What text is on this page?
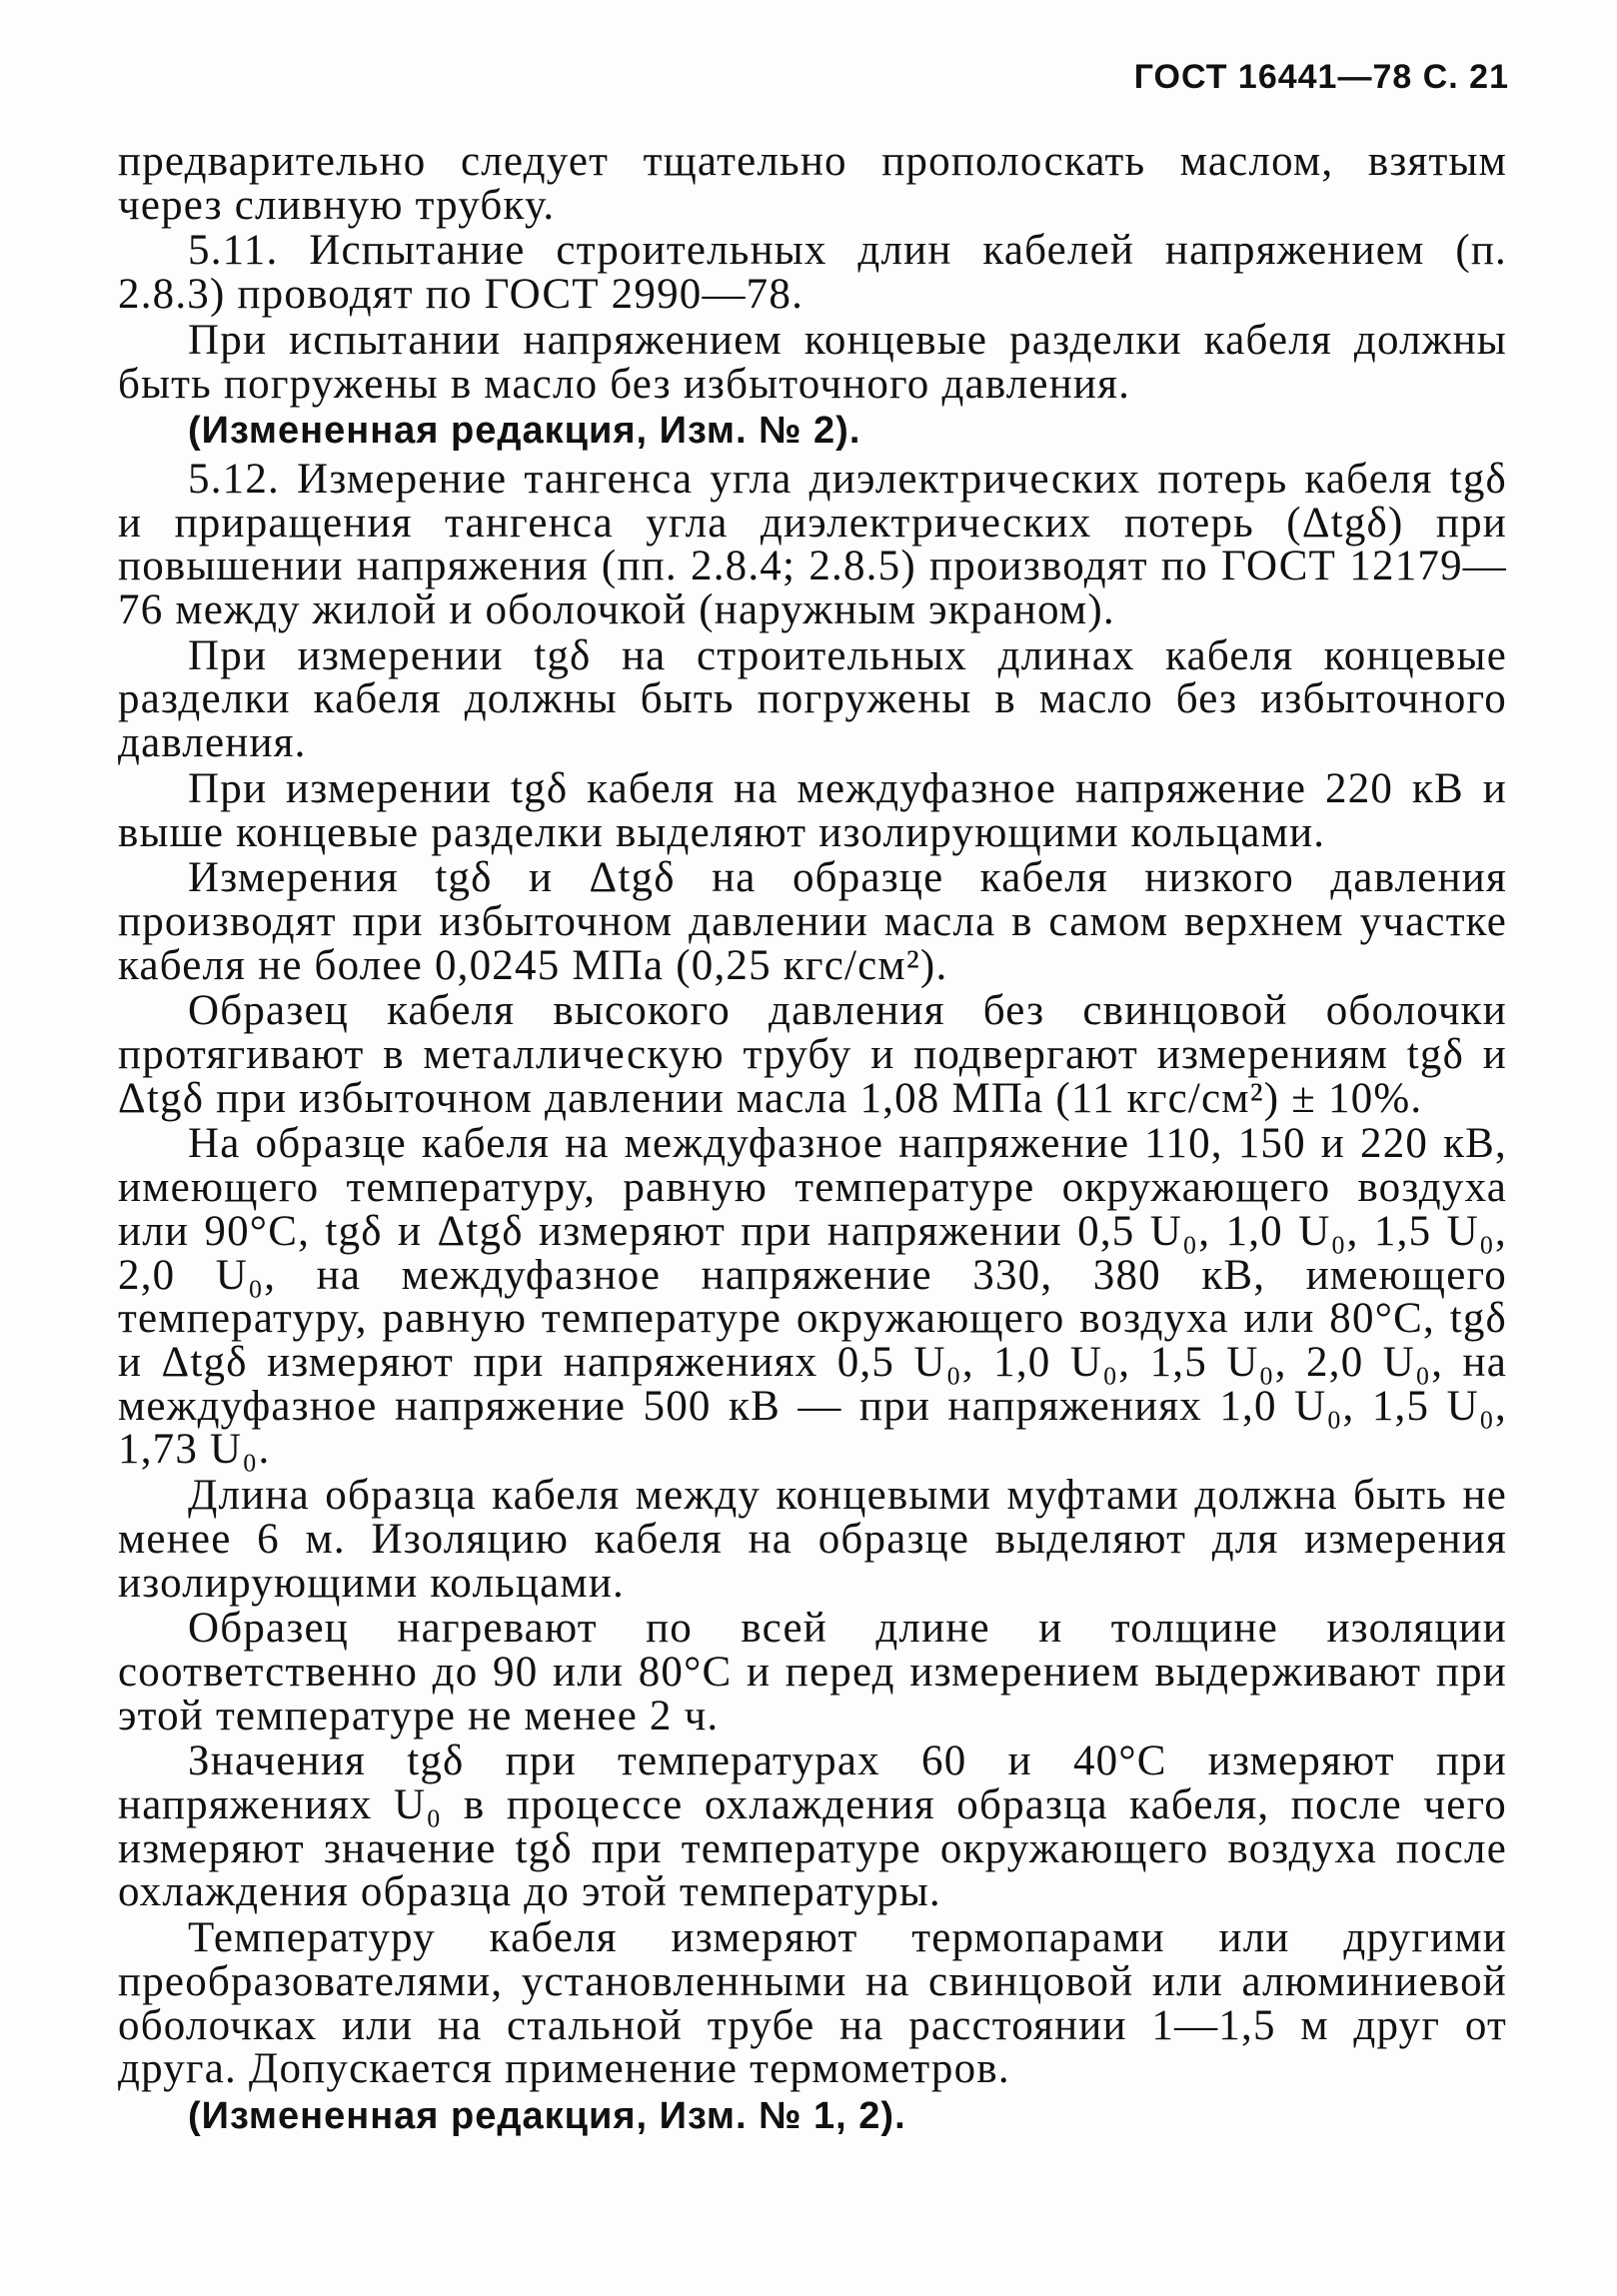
ГОСТ 16441—78 С. 21

предварительно следует тщательно прополоскать маслом, взятым через сливную трубку.

5.11. Испытание строительных длин кабелей напряжением (п. 2.8.3) проводят по ГОСТ 2990—78.

При испытании напряжением концевые разделки кабеля должны быть погружены в масло без избыточного давления.

(Измененная редакция, Изм. № 2).

5.12. Измерение тангенса угла диэлектрических потерь кабеля tgδ и приращения тангенса угла диэлектрических потерь (Δtgδ) при повышении напряжения (пп. 2.8.4; 2.8.5) производят по ГОСТ 12179—76 между жилой и оболочкой (наружным экраном).

При измерении tgδ на строительных длинах кабеля концевые разделки кабеля должны быть погружены в масло без избыточного давления.

При измерении tgδ кабеля на междуфазное напряжение 220 кВ и выше концевые разделки выделяют изолирующими кольцами.

Измерения tgδ и Δtgδ на образце кабеля низкого давления производят при избыточном давлении масла в самом верхнем участке кабеля не более 0,0245 МПа (0,25 кгс/см²).

Образец кабеля высокого давления без свинцовой оболочки протягивают в металлическую трубу и подвергают измерениям tgδ и Δtgδ при избыточном давлении масла 1,08 МПа (11 кгс/см²) ± 10%.

На образце кабеля на междуфазное напряжение 110, 150 и 220 кВ, имеющего температуру, равную температуре окружающего воздуха или 90°С, tgδ и Δtgδ измеряют при напряжении 0,5 U₀, 1,0 U₀, 1,5 U₀, 2,0 U₀, на междуфазное напряжение 330, 380 кВ, имеющего температуру, равную температуре окружающего воздуха или 80°С, tgδ и Δtgδ измеряют при напряжениях 0,5 U₀, 1,0 U₀, 1,5 U₀, 2,0 U₀, на междуфазное напряжение 500 кВ — при напряжениях 1,0 U₀, 1,5 U₀, 1,73 U₀.

Длина образца кабеля между концевыми муфтами должна быть не менее 6 м. Изоляцию кабеля на образце выделяют для измерения изолирующими кольцами.

Образец нагревают по всей длине и толщине изоляции соответственно до 90 или 80°С и перед измерением выдерживают при этой температуре не менее 2 ч.

Значения tgδ при температурах 60 и 40°С измеряют при напряжениях U₀ в процессе охлаждения образца кабеля, после чего измеряют значение tgδ при температуре окружающего воздуха после охлаждения образца до этой температуры.

Температуру кабеля измеряют термопарами или другими преобразователями, установленными на свинцовой или алюминиевой оболочках или на стальной трубе на расстоянии 1—1,5 м друг от друга. Допускается применение термометров.

(Измененная редакция, Изм. № 1, 2).
